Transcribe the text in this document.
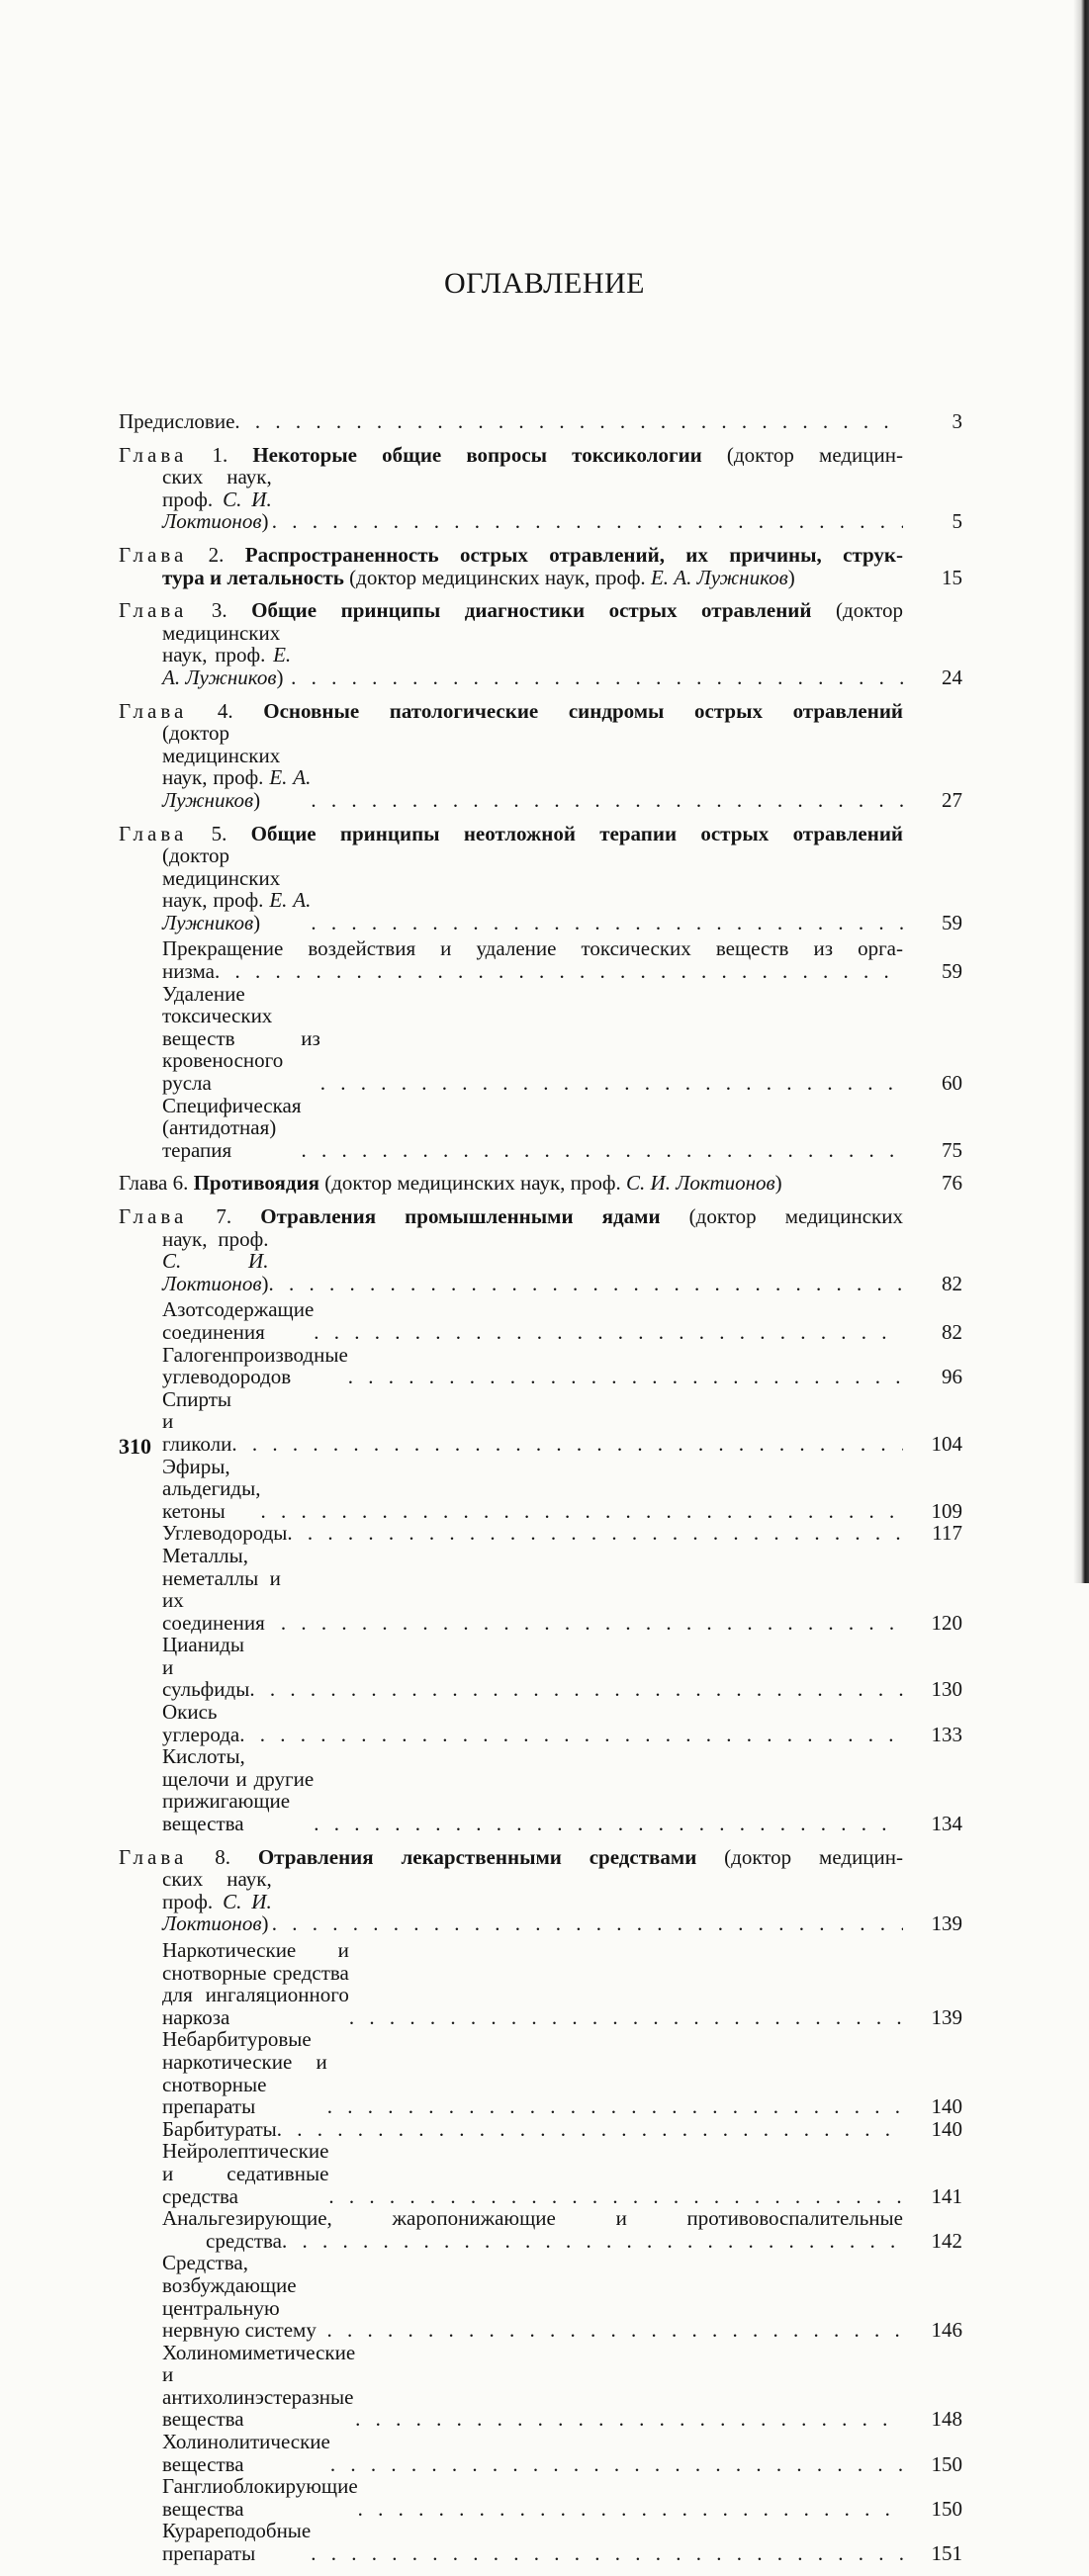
ОГЛАВЛЕНИЕ
Предисловие . . .	3
Глава 1. Некоторые общие вопросы токсикологии (доктор медицин-
ских наук, проф. С. И. Локтионов) . . .	5
Глава 2. Распространенность острых отравлений, их причины, струк-
тура и летальность (доктор медицинских наук, проф. Е. А. Лужников)	15
Глава 3. Общие принципы диагностики острых отравлений (доктор
медицинских наук, проф. Е. А. Лужников) . . .	24
Глава 4. Основные патологические синдромы острых отравлений
(доктор медицинских наук, проф. Е. А. Лужников) . . .	27
Глава 5. Общие принципы неотложной терапии острых отравлений
(доктор медицинских наук, проф. Е. А. Лужников) . . .	59
Прекращение воздействия и удаление токсических веществ из орга-
низма . . .	59
Удаление токсических веществ из кровеносного русла . . .	60
Специфическая (антидотная) терапия . . .	75
Глава 6. Противоядия (доктор медицинских наук, проф. С. И. Локтионов)	76
Глава 7. Отравления промышленными ядами (доктор медицинских
наук, проф. С. И. Локтионов) . . .	82
Азотсодержащие соединения . . .	82
Галогенпроизводные углеводородов . . .	96
Спирты и гликоли . . .	104
Эфиры, альдегиды, кетоны . . .	109
Углеводороды . . .	117
Металлы, неметаллы и их соединения . . .	120
Цианиды и сульфиды . . .	130
Окись углерода . . .	133
Кислоты, щелочи и другие прижигающие вещества . . .	134
Глава 8. Отравления лекарственными средствами (доктор медицин-
ских наук, проф. С. И. Локтионов) . . .	139
Наркотические и снотворные средства для ингаляционного наркоза . . .	139
Небарбитуровые наркотические и снотворные препараты . . .	140
Барбитураты . . .	140
Нейролептические и седативные средства . . .	141
Анальгезирующие, жаропонижающие и противовоспалительные
средства . . .	142
Средства, возбуждающие центральную нервную систему . . .	146
Холиномиметические и антихолинэстеразные вещества . . .	148
Холинолитические вещества . . .	150
Ганглиоблокирующие вещества . . .	150
Курареподобные препараты . . .	151
310
